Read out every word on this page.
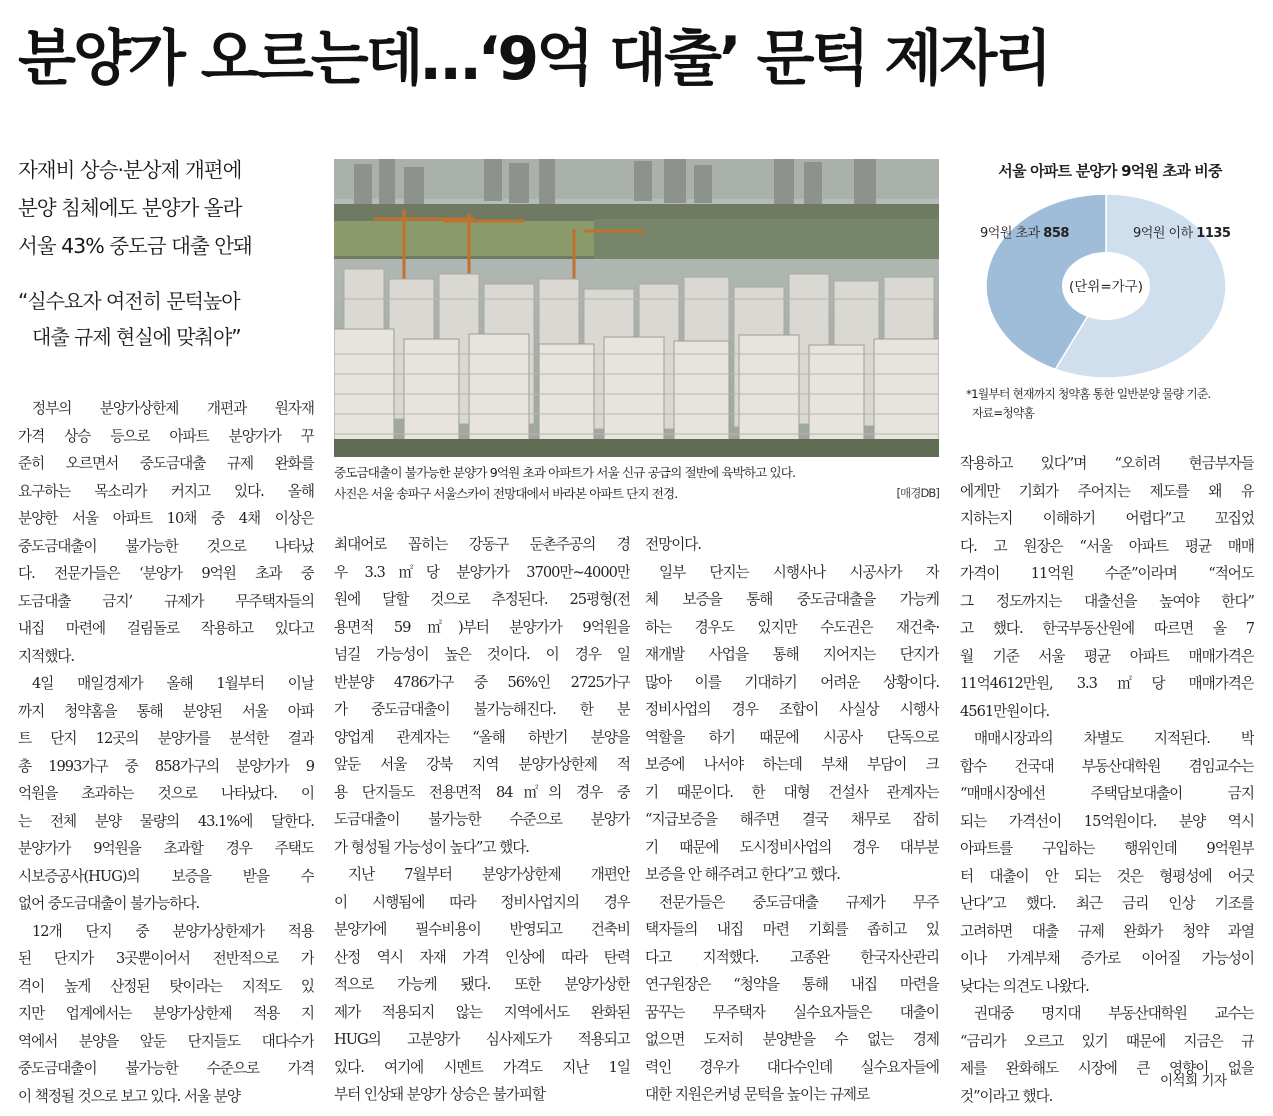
분양가 오르는데…‘9억 대출’ 문턱 제자리
자재비 상승·분상제 개편에
분양 침체에도 분양가 올라
서울 43% 중도금 대출 안돼
“실수요자 여전히 문턱높아
대출 규제 현실에 맞춰야”
중도금대출이 불가능한 분양가 9억원 초과 아파트가 서울 신규 공급의 절반에 육박하고 있다.
사진은 서울 송파구 서울스카이 전망대에서 바라본 아파트 단지 전경.	[매경DB]
서울 아파트 분양가 9억원 초과 비중
(단위=가구)
9억원 초과 858	9억원 이하 1135
*1월부터 현재까지 청약홈 통한 일반분양 물량 기준.
자료=청약홈
정부의 분양가상한제 개편과 원자재
가격 상승 등으로 아파트 분양가가 꾸
준히 오르면서 중도금대출 규제 완화를
요구하는 목소리가 커지고 있다. 올해
분양한 서울 아파트 10채 중 4채 이상은
중도금대출이 불가능한 것으로 나타났
다. 전문가들은 ‘분양가 9억원 초과 중
도금대출 금지’ 규제가 무주택자들의
내집 마련에 걸림돌로 작용하고 있다고
지적했다.
4일 매일경제가 올해 1월부터 이날
까지 청약홈을 통해 분양된 서울 아파
트 단지 12곳의 분양가를 분석한 결과
총 1993가구 중 858가구의 분양가가 9
억원을 초과하는 것으로 나타났다. 이
는 전체 분양 물량의 43.1%에 달한다.
분양가가 9억원을 초과할 경우 주택도
시보증공사(HUG)의 보증을 받을 수
없어 중도금대출이 불가능하다.
12개 단지 중 분양가상한제가 적용
된 단지가 3곳뿐이어서 전반적으로 가
격이 높게 산정된 탓이라는 지적도 있
지만 업계에서는 분양가상한제 적용 지
역에서 분양을 앞둔 단지들도 대다수가
중도금대출이 불가능한 수준으로 가격
이 책정될 것으로 보고 있다. 서울 분양
최대어로 꼽히는 강동구 둔촌주공의 경
우 3.3㎡당 분양가가 3700만~4000만
원에 달할 것으로 추정된다. 25평형(전
용면적 59㎡)부터 분양가가 9억원을
넘길 가능성이 높은 것이다. 이 경우 일
반분양 4786가구 중 56%인 2725가구
가 중도금대출이 불가능해진다. 한 분
양업계 관계자는 “올해 하반기 분양을
앞둔 서울 강북 지역 분양가상한제 적
용 단지들도 전용면적 84㎡의 경우 중
도금대출이 불가능한 수준으로 분양가
가 형성될 가능성이 높다”고 했다.
지난 7월부터 분양가상한제 개편안
이 시행됨에 따라 정비사업지의 경우
분양가에 필수비용이 반영되고 건축비
산정 역시 자재 가격 인상에 따라 탄력
적으로 가능케 됐다. 또한 분양가상한
제가 적용되지 않는 지역에서도 완화된
HUG의 고분양가 심사제도가 적용되고
있다. 여기에 시멘트 가격도 지난 1일
부터 인상돼 분양가 상승은 불가피할
전망이다.
일부 단지는 시행사나 시공사가 자
체 보증을 통해 중도금대출을 가능케
하는 경우도 있지만 수도권은 재건축·
재개발 사업을 통해 지어지는 단지가
많아 이를 기대하기 어려운 상황이다.
정비사업의 경우 조합이 사실상 시행사
역할을 하기 때문에 시공사 단독으로
보증에 나서야 하는데 부채 부담이 크
기 때문이다. 한 대형 건설사 관계자는
“지급보증을 해주면 결국 채무로 잡히
기 때문에 도시정비사업의 경우 대부분
보증을 안 해주려고 한다”고 했다.
전문가들은 중도금대출 규제가 무주
택자들의 내집 마련 기회를 좁히고 있
다고 지적했다. 고종완 한국자산관리
연구원장은 “청약을 통해 내집 마련을
꿈꾸는 무주택자 실수요자들은 대출이
없으면 도저히 분양받을 수 없는 경제
력인 경우가 대다수인데 실수요자들에
대한 지원은커녕 문턱을 높이는 규제로
작용하고 있다”며 “오히려 현금부자들
에게만 기회가 주어지는 제도를 왜 유
지하는지 이해하기 어렵다”고 꼬집었
다. 고 원장은 “서울 아파트 평균 매매
가격이 11억원 수준”이라며 “적어도
그 정도까지는 대출선을 높여야 한다”
고 했다. 한국부동산원에 따르면 올 7
월 기준 서울 평균 아파트 매매가격은
11억4612만원, 3.3㎡당 매매가격은
4561만원이다.
매매시장과의 차별도 지적된다. 박
합수 건국대 부동산대학원 겸임교수는
“매매시장에선 주택담보대출이 금지
되는 가격선이 15억원이다. 분양 역시
아파트를 구입하는 행위인데 9억원부
터 대출이 안 되는 것은 형평성에 어긋
난다”고 했다. 최근 금리 인상 기조를
고려하면 대출 규제 완화가 청약 과열
이나 가계부채 증가로 이어질 가능성이
낮다는 의견도 나왔다.
권대중 명지대 부동산대학원 교수는
“금리가 오르고 있기 때문에 지금은 규
제를 완화해도 시장에 큰 영향이 없을
것”이라고 했다.
이석희 기자
